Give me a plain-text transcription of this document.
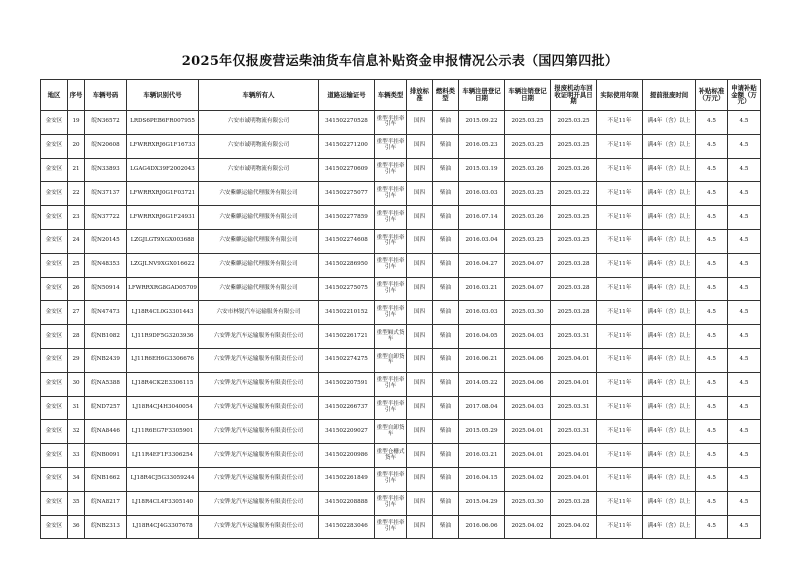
2025年仅报废营运柴油货车信息补贴资金申报情况公示表（国四第四批）
地区	序号	车辆号码	车辆识别代号	车辆所有人	道路运输证号	车辆类型	排放标准	燃料类型	车辆注册登记日期	车辆注销登记日期	报废机动车回收证明开具日期	实际使用年限	提前报废时间	补贴标准（万元）	申请补贴金额（万元）
金安区	19	皖N36572	LRDS6PEB6FR007955	六安市诚明物流有限公司	341502270528	重型半挂牵引车	国四	柴油	2015.09.22	2025.03.25	2025.03.25	不足11年	满4年（含）以上	4.5	4.5
金安区	20	皖N20608	LFWRRXRJ6G1F16733	六安市诚明物流有限公司	341502271200	重型半挂牵引车	国四	柴油	2016.05.23	2025.03.25	2025.03.25	不足11年	满4年（含）以上	4.5	4.5
金安区	21	皖N33893	LGAG4DX39F2002043	六安市诚明物流有限公司	341502270609	重型半挂牵引车	国四	柴油	2015.03.19	2025.03.26	2025.03.26	不足11年	满4年（含）以上	4.5	4.5
金安区	22	皖N37137	LFWRRXRJ0G1F03721	六安紫麒运输代理服务有限公司	341502275077	重型半挂牵引车	国四	柴油	2016.03.03	2025.03.25	2025.03.22	不足11年	满4年（含）以上	4.5	4.5
金安区	23	皖N37722	LFWRRXRJ6G1F24931	六安紫麒运输代理服务有限公司	341502277859	重型半挂牵引车	国四	柴油	2016.07.14	2025.03.26	2025.03.25	不足11年	满4年（含）以上	4.5	4.5
金安区	24	皖N20145	LZGJLGT9XGX003688	六安紫麒运输代理服务有限公司	341502274608	重型半挂牵引车	国四	柴油	2016.03.04	2025.03.25	2025.03.25	不足11年	满4年（含）以上	4.5	4.5
金安区	25	皖N48353	LZGJLNV9XGX016622	六安紫麒运输代理服务有限公司	341502286950	重型半挂牵引车	国四	柴油	2016.04.27	2025.04.07	2025.03.28	不足11年	满4年（含）以上	4.5	4.5
金安区	26	皖N50914	LFWRRXRG8GAD05709	六安紫麒运输代理服务有限公司	341502275075	重型半挂牵引车	国四	柴油	2016.03.21	2025.04.07	2025.03.28	不足11年	满4年（含）以上	4.5	4.5
金安区	27	皖N47473	LJ18R4CL0G3301443	六安市林锐汽车运输服务有限公司	341502210152	重型半挂牵引车	国四	柴油	2016.03.03	2025.03.30	2025.03.28	不足11年	满4年（含）以上	4.5	4.5
金安区	28	皖NB1082	LJ11R9DF5G3203936	六安铧龙汽车运输服务有限责任公司	341502261721	重型厢式货车	国四	柴油	2016.04.05	2025.04.03	2025.03.31	不足11年	满4年（含）以上	4.5	4.5
金安区	29	皖NB2439	LJ11R6EH6G3306676	六安铧龙汽车运输服务有限责任公司	341502274275	重型自卸货车	国四	柴油	2016.06.21	2025.04.06	2025.04.01	不足11年	满4年（含）以上	4.5	4.5
金安区	30	皖NA5388	LJ18R4CK2E3306115	六安铧龙汽车运输服务有限责任公司	341502207591	重型半挂牵引车	国四	柴油	2014.05.22	2025.04.06	2025.04.01	不足11年	满4年（含）以上	4.5	4.5
金安区	31	皖ND7257	LJ18R4CJ4H3040054	六安铧龙汽车运输服务有限责任公司	341502266737	重型半挂牵引车	国四	柴油	2017.08.04	2025.04.03	2025.03.31	不足11年	满4年（含）以上	4.5	4.5
金安区	32	皖NA8446	LJ11R6EG7F3305901	六安铧龙汽车运输服务有限责任公司	341502209027	重型自卸货车	国四	柴油	2015.05.29	2025.04.01	2025.03.31	不足11年	满4年（含）以上	4.5	4.5
金安区	33	皖NB0091	LJ11R4EF1F3306254	六安铧龙汽车运输服务有限责任公司	341502200986	重型仓栅式货车	国四	柴油	2016.03.21	2025.04.01	2025.04.01	不足11年	满4年（含）以上	4.5	4.5
金安区	34	皖NB1662	LJ18R4CJ5G33059244	六安铧龙汽车运输服务有限责任公司	341502261849	重型半挂牵引车	国四	柴油	2016.04.15	2025.04.02	2025.04.01	不足11年	满4年（含）以上	4.5	4.5
金安区	35	皖NA8217	LJ18R4CL4F3305140	六安铧龙汽车运输服务有限责任公司	341502208888	重型半挂牵引车	国四	柴油	2015.04.29	2025.03.30	2025.03.28	不足11年	满4年（含）以上	4.5	4.5
金安区	36	皖NB2313	LJ18R4CJ4G3307678	六安铧龙汽车运输服务有限责任公司	341502283046	重型半挂牵引车	国四	柴油	2016.06.06	2025.04.02	2025.04.02	不足11年	满4年（含）以上	4.5	4.5
